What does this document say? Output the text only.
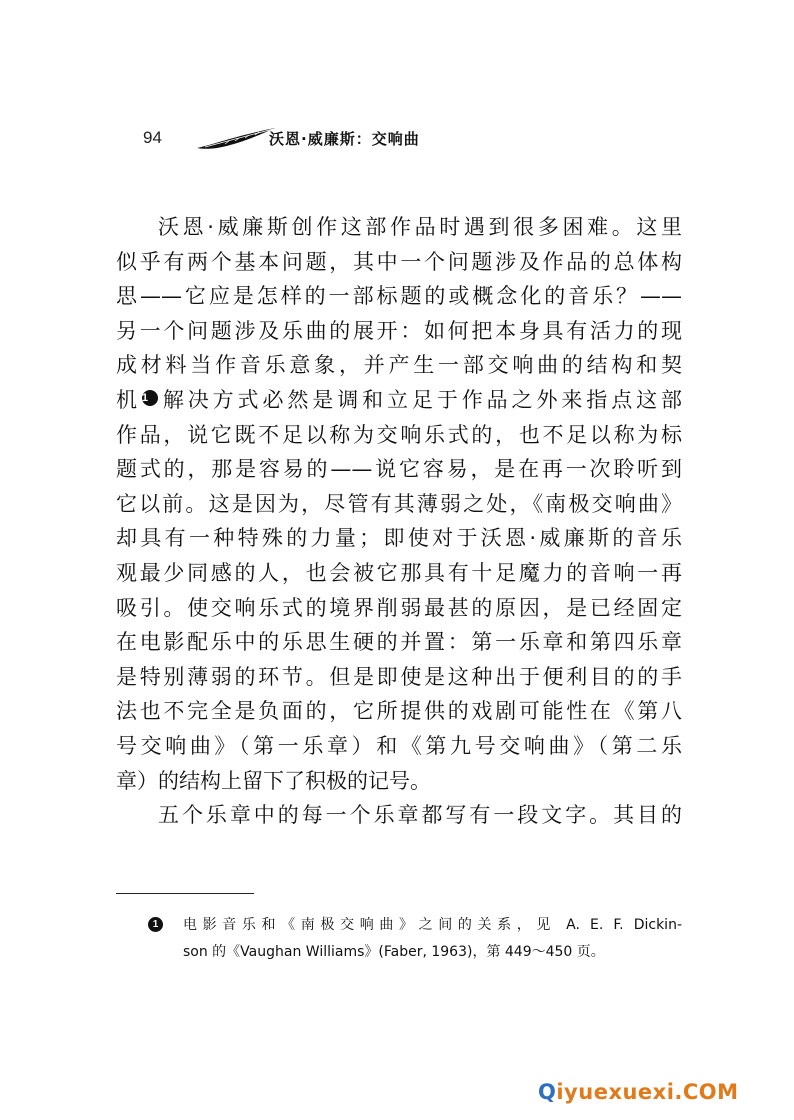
94	沃恩·威廉斯：交响曲
沃恩·威廉斯创作这部作品时遇到很多困难。这里
似乎有两个基本问题，其中一个问题涉及作品的总体构
思——它应是怎样的一部标题的或概念化的音乐？——
另一个问题涉及乐曲的展开：如何把本身具有活力的现
成材料当作音乐意象，并产生一部交响曲的结构和契
机1 解决方式必然是调和立足于作品之外来指点这部
作品，说它既不足以称为交响乐式的，也不足以称为标
题式的，那是容易的——说它容易，是在再一次聆听到
它以前。这是因为，尽管有其薄弱之处，《南极交响曲》
却具有一种特殊的力量；即使对于沃恩·威廉斯的音乐
观最少同感的人，也会被它那具有十足魔力的音响一再
吸引。使交响乐式的境界削弱最甚的原因，是已经固定
在电影配乐中的乐思生硬的并置：第一乐章和第四乐章
是特别薄弱的环节。但是即使是这种出于便利目的的手
法也不完全是负面的，它所提供的戏剧可能性在《第八
号交响曲》（第一乐章）和《第九号交响曲》（第二乐
章）的结构上留下了积极的记号。
五个乐章中的每一个乐章都写有一段文字。其目的
1	电影音乐和《南极交响曲》之间的关系，见 A. E. F. Dickin-
son 的《Vaughan Williams》(Faber, 1963)，第 449～450 页。
Qiyuexuexi.COM
